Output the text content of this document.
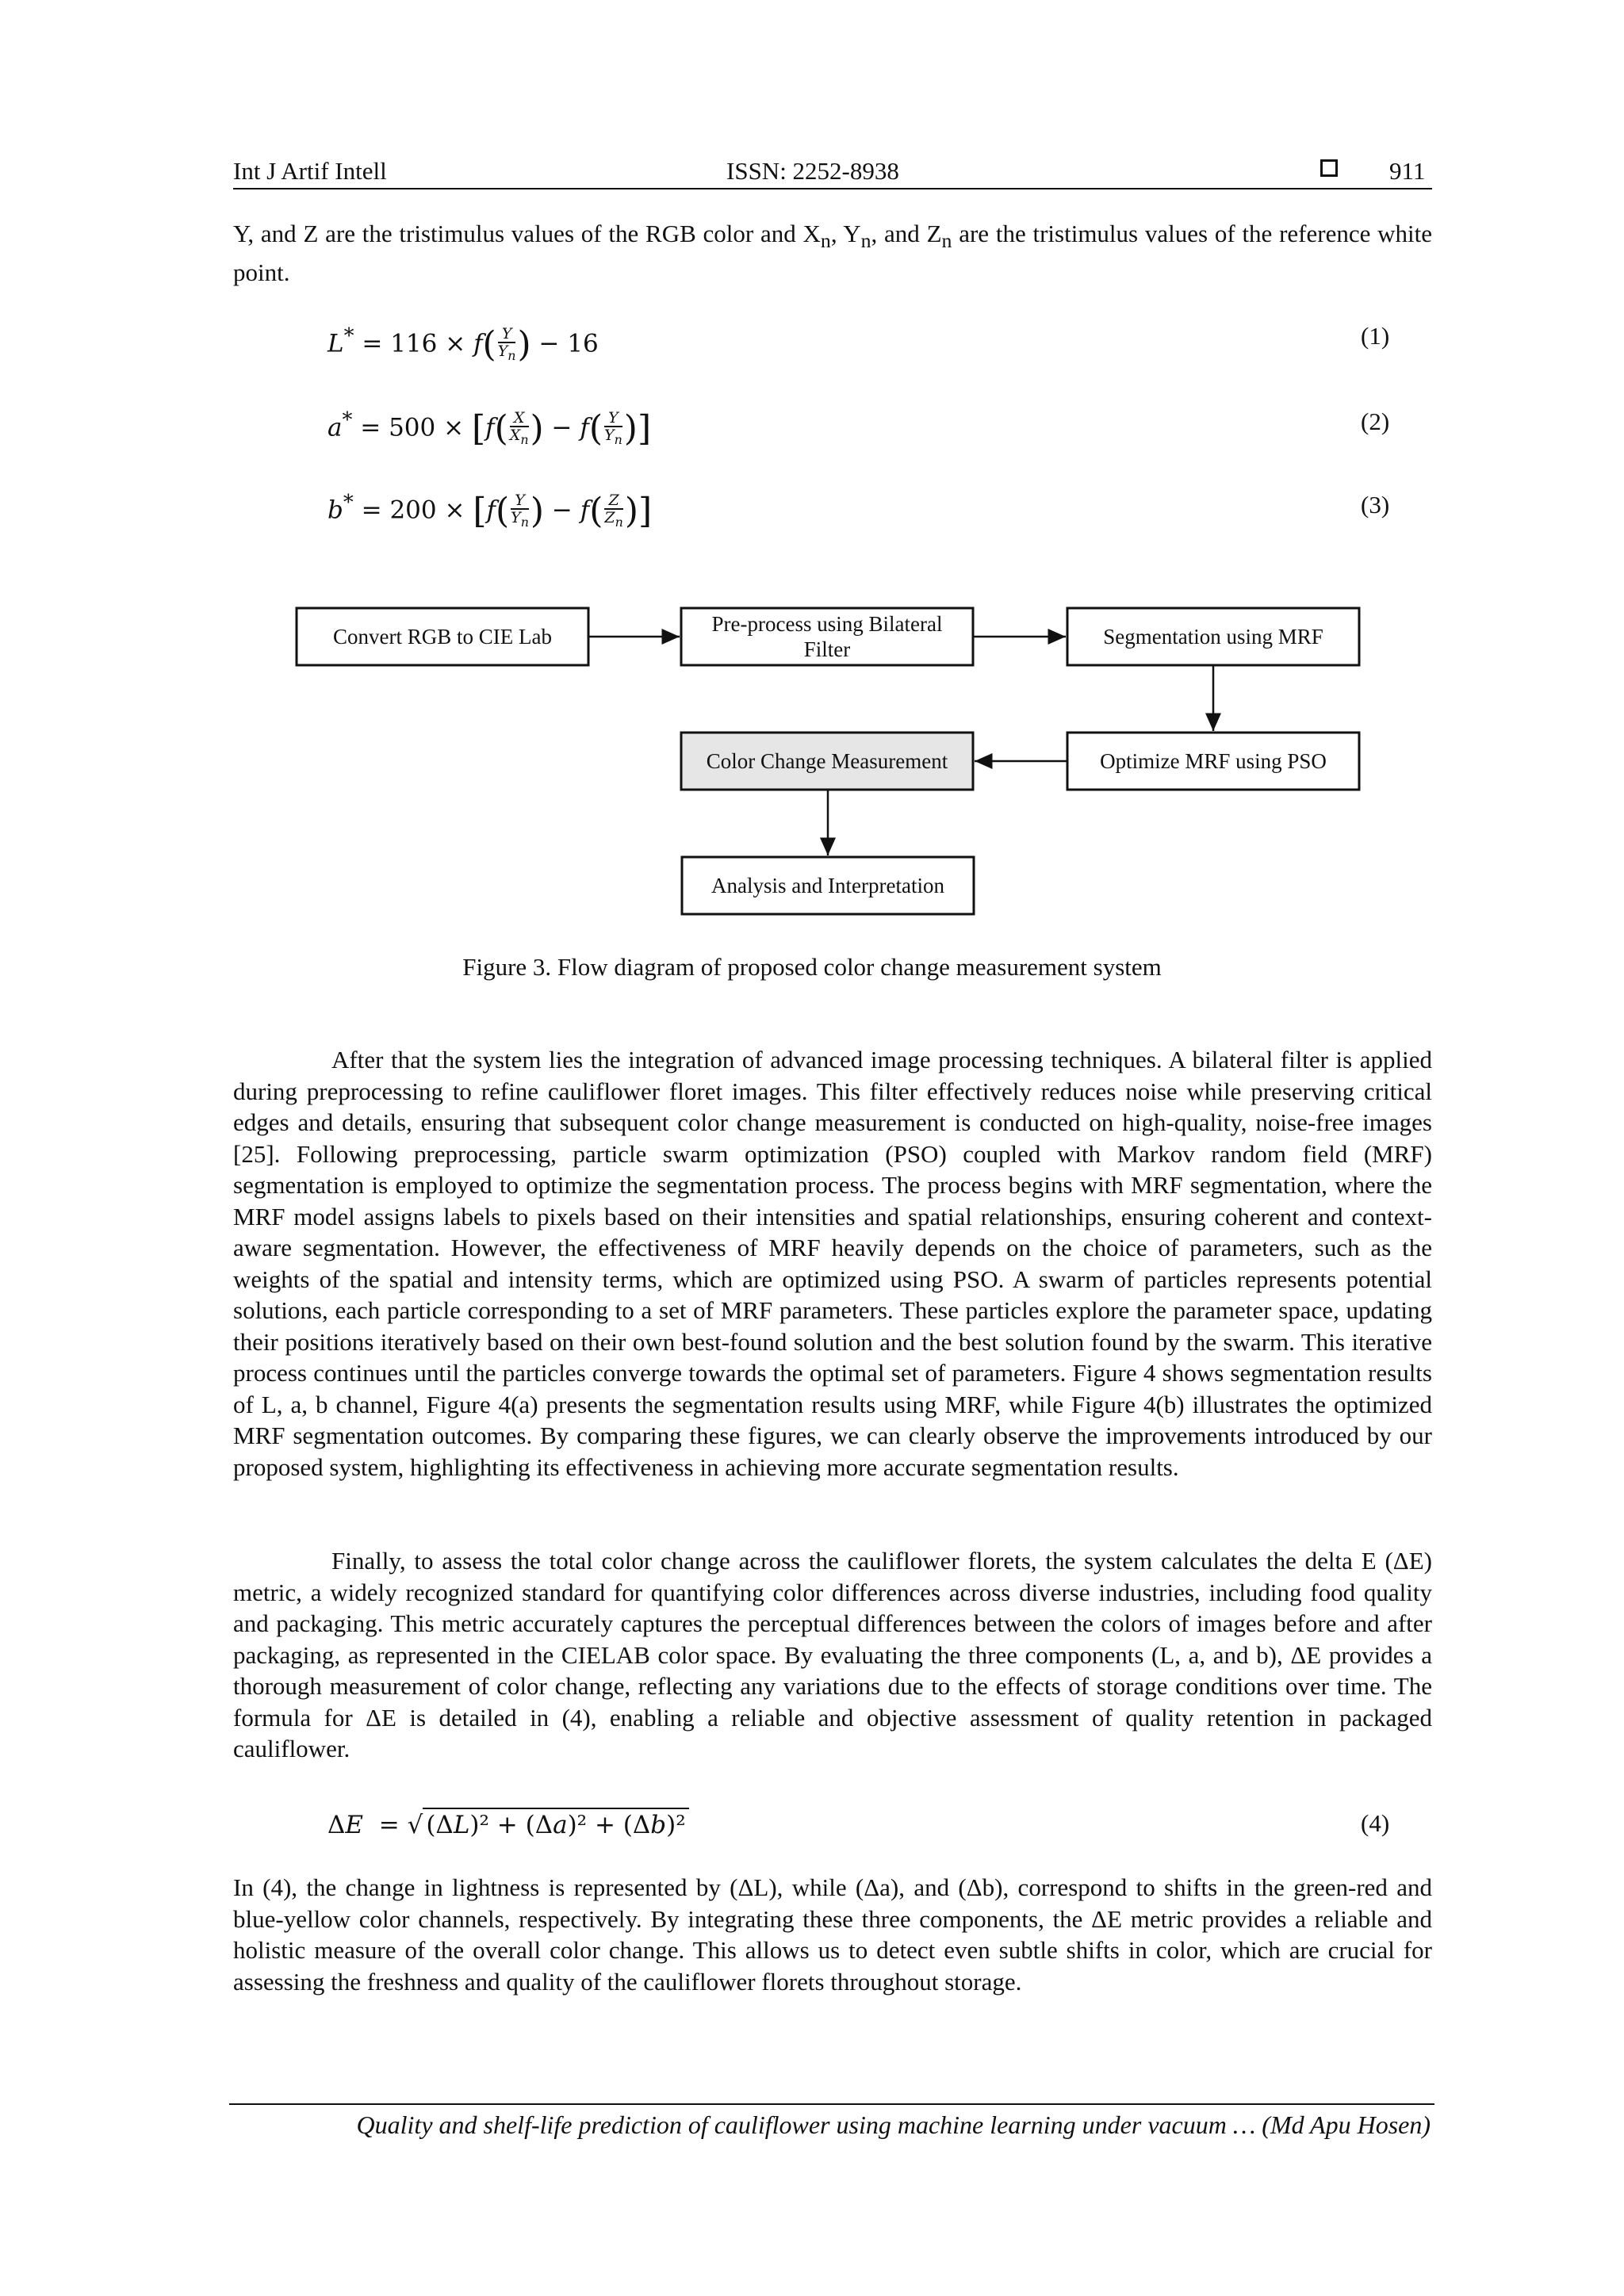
Int J Artif Intell	ISSN: 2252-8938	911

Y, and Z are the tristimulus values of the RGB color and $X_n$, $Y_n$, and $Z_n$ are the tristimulus values of the reference white point.

$L^* = 116 \times f( \frac{Y}{Y_n}$ ) − 16	(1)
$a^* = 500 \times [f( \frac{X}{X_n}$ ) − $f( \frac{Y}{Y_n}$ )]	(2)
$b^* = 200 \times [f( \frac{Y}{Y_n}$ ) − $f( \frac{Z}{Z_n}$ )]	(3)
Convert RGB to CIE Lab
Pre-process using Bilateral
Filter
Segmentation using MRF
Optimize MRF using PSO
Color Change Measurement
Analysis and Interpretation
Figure 3. Flow diagram of proposed color change measurement system

After that the system lies the integration of advanced image processing techniques. A bilateral filter is applied during preprocessing to refine cauliflower floret images. This filter effectively reduces noise while preserving critical edges and details, ensuring that subsequent color change measurement is conducted on high-quality, noise-free images [25]. Following preprocessing, particle swarm optimization (PSO) coupled with Markov random field (MRF) segmentation is employed to optimize the segmentation process. The process begins with MRF segmentation, where the MRF model assigns labels to pixels based on their intensities and spatial relationships, ensuring coherent and context-aware segmentation. However, the effectiveness of MRF heavily depends on the choice of parameters, such as the weights of the spatial and intensity terms, which are optimized using PSO. A swarm of particles represents potential solutions, each particle corresponding to a set of MRF parameters. These particles explore the parameter space, updating their positions iteratively based on their own best-found solution and the best solution found by the swarm. This iterative process continues until the particles converge towards the optimal set of parameters. Figure 4 shows segmentation results of L, a, b channel, Figure 4(a) presents the segmentation results using MRF, while Figure 4(b) illustrates the optimized MRF segmentation outcomes. By comparing these figures, we can clearly observe the improvements introduced by our proposed system, highlighting its effectiveness in achieving more accurate segmentation results.

Finally, to assess the total color change across the cauliflower florets, the system calculates the delta E (ΔE) metric, a widely recognized standard for quantifying color differences across diverse industries, including food quality and packaging. This metric accurately captures the perceptual differences between the colors of images before and after packaging, as represented in the CIELAB color space. By evaluating the three components (L, a, and b), ΔE provides a thorough measurement of color change, reflecting any variations due to the effects of storage conditions over time. The formula for ΔE is detailed in (4), enabling a reliable and objective assessment of quality retention in packaged cauliflower.

ΔE  = √ (ΔL)² + (Δa)² + (Δb)²	(4)

In (4), the change in lightness is represented by (ΔL), while (Δa), and (Δb), correspond to shifts in the green-red and blue-yellow color channels, respectively. By integrating these three components, the ΔE metric provides a reliable and holistic measure of the overall color change. This allows us to detect even subtle shifts in color, which are crucial for assessing the freshness and quality of the cauliflower florets throughout storage.

Quality and shelf-life prediction of cauliflower using machine learning under vacuum … (Md Apu Hosen)
